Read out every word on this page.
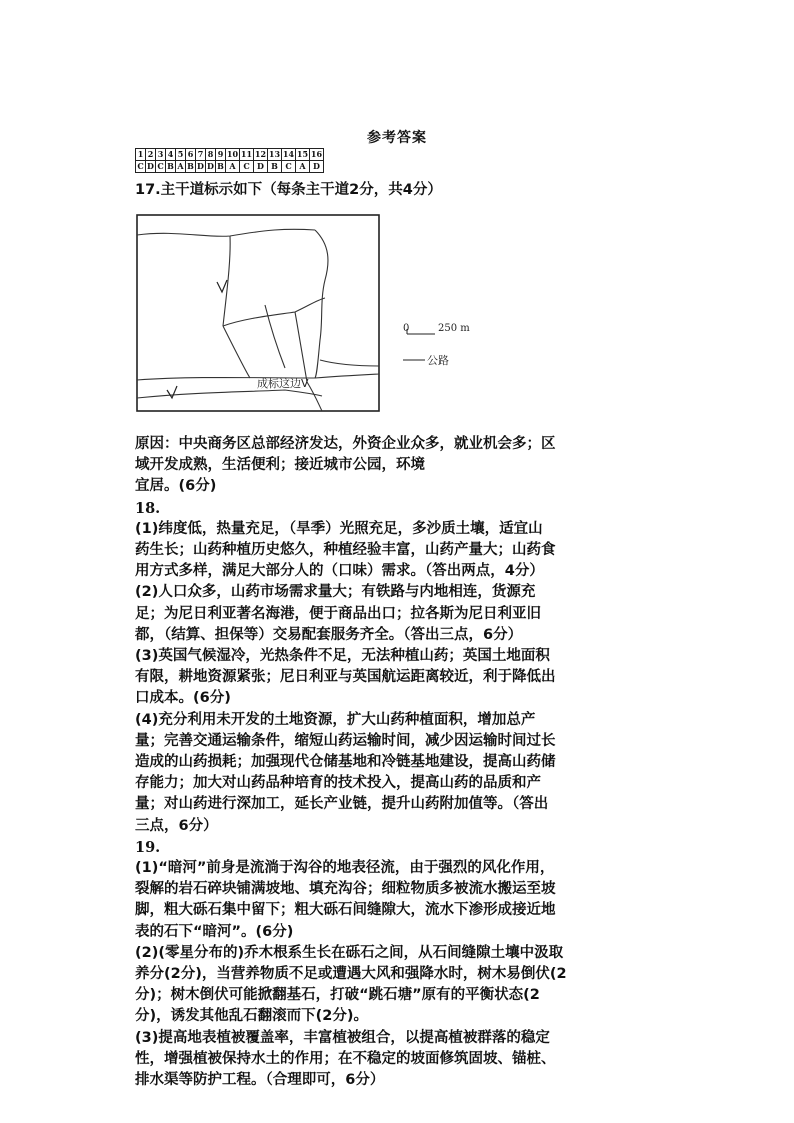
参考答案
1	2	3	4	5	6	7	8	9	10	11	12	13	14	15	16
C	D	C	B	A	B	D	D	B	A	C	D	B	C	A	D
17.主干道标示如下（每条主干道2分，共4分）
成标这边V
0	250 m
公路

原因：中央商务区总部经济发达，外资企业众多，就业机会多；区

域开发成熟，生活便利；接近城市公园，环境

宜居。(6分)

18.

(1)纬度低，热量充足，（旱季）光照充足，多沙质土壤，适宜山

药生长；山药种植历史悠久，种植经验丰富，山药产量大；山药食

用方式多样，满足大部分人的（口味）需求。（答出两点，4分）

(2)人口众多，山药市场需求量大；有铁路与内地相连，货源充

足；为尼日利亚著名海港，便于商品出口；拉各斯为尼日利亚旧

都，（结算、担保等）交易配套服务齐全。（答出三点，6分）

(3)英国气候湿冷，光热条件不足，无法种植山药；英国土地面积

有限，耕地资源紧张；尼日利亚与英国航运距离较近，利于降低出

口成本。(6分)

(4)充分利用未开发的土地资源，扩大山药种植面积，增加总产

量；完善交通运输条件，缩短山药运输时间，减少因运输时间过长

造成的山药损耗；加强现代仓储基地和冷链基地建设，提高山药储

存能力；加大对山药品种培育的技术投入，提高山药的品质和产

量；对山药进行深加工，延长产业链，提升山药附加值等。（答出

三点，6分）

19.

(1)“暗河”前身是流淌于沟谷的地表径流，由于强烈的风化作用，

裂解的岩石碎块铺满坡地、填充沟谷；细粒物质多被流水搬运至坡

脚，粗大砾石集中留下；粗大砾石间缝隙大，流水下渗形成接近地

表的石下“暗河”。(6分)

(2)(零星分布的)乔木根系生长在砾石之间，从石间缝隙土壤中汲取

养分(2分)，当营养物质不足或遭遇大风和强降水时，树木易倒伏(2

分)；树木倒伏可能掀翻基石，打破“跳石塘”原有的平衡状态(2

分)，诱发其他乱石翻滚而下(2分)。

(3)提高地表植被覆盖率，丰富植被组合，以提高植被群落的稳定

性，增强植被保持水土的作用；在不稳定的坡面修筑固坡、锚桩、

排水渠等防护工程。（合理即可，6分）
